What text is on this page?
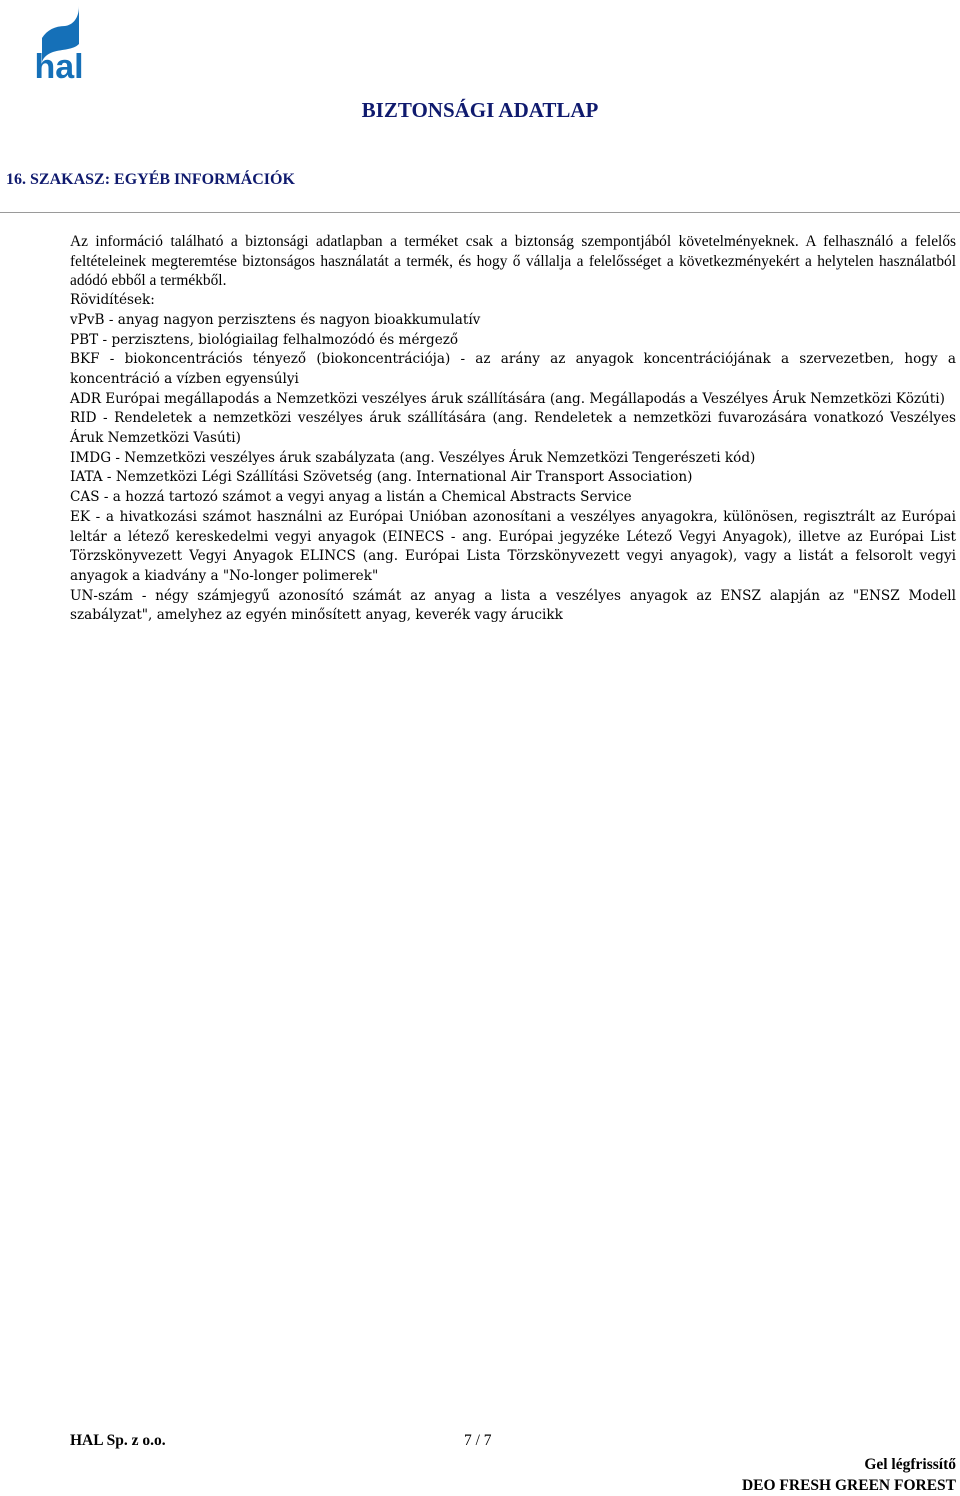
hal
BIZTONSÁGI ADATLAP
16. SZAKASZ: EGYÉB INFORMÁCIÓK

Az információ található a biztonsági adatlapban a terméket csak a biztonság szempontjából követelményeknek. A felhasználó a felelős feltételeinek megteremtése biztonságos használatát a termék, és hogy ő vállalja a felelősséget a következményekért a helytelen használatból adódó ebből a termékből.

Rövidítések:

vPvB - anyag nagyon perzisztens és nagyon bioakkumulatív

PBT - perzisztens, biológiailag felhalmozódó és mérgező

BKF - biokoncentrációs tényező (biokoncentrációja) - az arány az anyagok koncentrációjának a szervezetben, hogy a koncentráció a vízben egyensúlyi

ADR Európai megállapodás a Nemzetközi veszélyes áruk szállítására (ang. Megállapodás a Veszélyes Áruk Nemzetközi Közúti)

RID - Rendeletek a nemzetközi veszélyes áruk szállítására (ang. Rendeletek a nemzetközi fuvarozására vonatkozó Veszélyes Áruk Nemzetközi Vasúti)

IMDG - Nemzetközi veszélyes áruk szabályzata (ang. Veszélyes Áruk Nemzetközi Tengerészeti kód)

IATA - Nemzetközi Légi Szállítási Szövetség (ang. International Air Transport Association)

CAS - a hozzá tartozó számot a vegyi anyag a listán a Chemical Abstracts Service

EK - a hivatkozási számot használni az Európai Unióban azonosítani a veszélyes anyagokra, különösen, regisztrált az Európai leltár a létező kereskedelmi vegyi anyagok (EINECS - ang. Európai jegyzéke Létező Vegyi Anyagok), illetve az Európai List Törzskönyvezett Vegyi Anyagok ELINCS (ang. Európai Lista Törzskönyvezett vegyi anyagok), vagy a listát a felsorolt vegyi anyagok a kiadvány a "No-longer polimerek"

UN-szám - négy számjegyű azonosító számát az anyag a lista a veszélyes anyagok az ENSZ alapján az "ENSZ Modell szabályzat", amelyhez az egyén minősített anyag, keverék vagy árucikk

HAL Sp. z o.o.	7 / 7
Gel légfrissítő
DEO FRESH GREEN FOREST
